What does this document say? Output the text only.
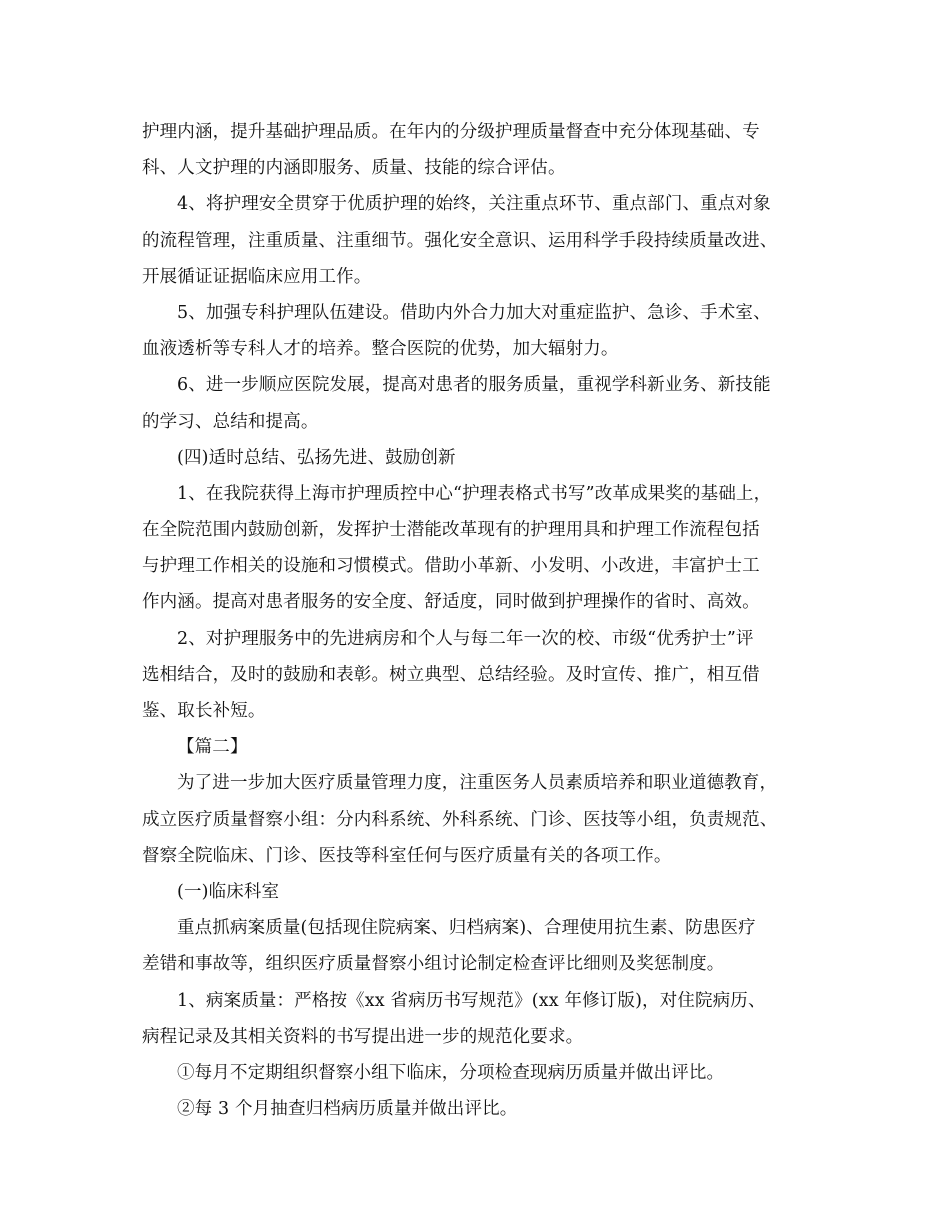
护理内涵，提升基础护理品质。在年内的分级护理质量督查中充分体现基础、专
科、人文护理的内涵即服务、质量、技能的综合评估。
4、将护理安全贯穿于优质护理的始终，关注重点环节、重点部门、重点对象
的流程管理，注重质量、注重细节。强化安全意识、运用科学手段持续质量改进、
开展循证证据临床应用工作。
5、加强专科护理队伍建设。借助内外合力加大对重症监护、急诊、手术室、
血液透析等专科人才的培养。整合医院的优势，加大辐射力。
6、进一步顺应医院发展，提高对患者的服务质量，重视学科新业务、新技能
的学习、总结和提高。
(四)适时总结、弘扬先进、鼓励创新
1、在我院获得上海市护理质控中心“护理表格式书写”改革成果奖的基础上，
在全院范围内鼓励创新，发挥护士潜能改革现有的护理用具和护理工作流程包括
与护理工作相关的设施和习惯模式。借助小革新、小发明、小改进，丰富护士工
作内涵。提高对患者服务的安全度、舒适度，同时做到护理操作的省时、高效。
2、对护理服务中的先进病房和个人与每二年一次的校、市级“优秀护士”评
选相结合，及时的鼓励和表彰。树立典型、总结经验。及时宣传、推广，相互借
鉴、取长补短。
【篇二】
为了进一步加大医疗质量管理力度，注重医务人员素质培养和职业道德教育，
成立医疗质量督察小组：分内科系统、外科系统、门诊、医技等小组，负责规范、
督察全院临床、门诊、医技等科室任何与医疗质量有关的各项工作。
(一)临床科室
重点抓病案质量(包括现住院病案、归档病案)、合理使用抗生素、防患医疗
差错和事故等，组织医疗质量督察小组讨论制定检查评比细则及奖惩制度。
1、病案质量：严格按《xx 省病历书写规范》(xx 年修订版)，对住院病历、
病程记录及其相关资料的书写提出进一步的规范化要求。
①每月不定期组织督察小组下临床，分项检查现病历质量并做出评比。
②每 3 个月抽查归档病历质量并做出评比。
